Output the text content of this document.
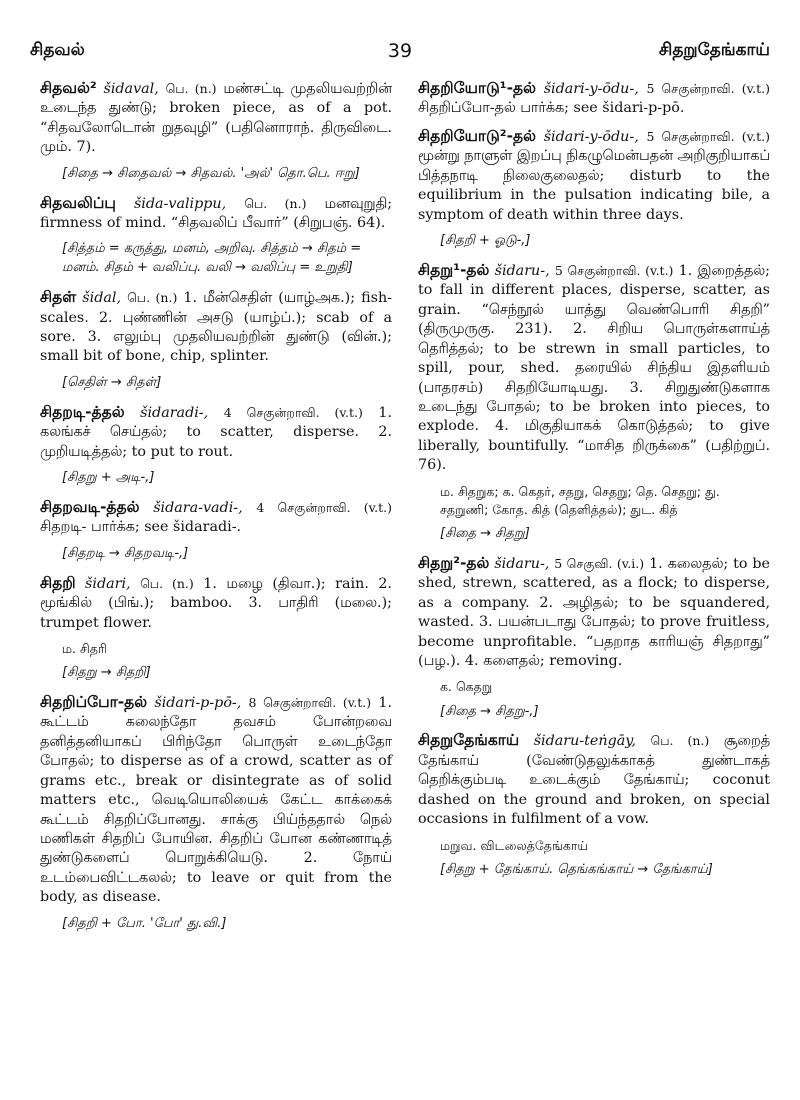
சிதவல்	39	சிதறுதேங்காய்
சிதவல்² šidaval, பெ. (n.) மண்சட்டி முதலியவற்றின் உடைந்த துண்டு; broken piece, as of a pot. “சிதவலோடொன் றுதவுழி” (பதினொராந். திருவிடை. மும். 7).
[சிதை → சிதைவல் → சிதவல். 'அல்' தொ.பெ. ஈறு]
சிதவலிப்பு šida-valippu, பெ. (n.) மனவுறுதி; firmness of mind. “சிதவலிப் பீவார்” (சிறுபஞ். 64).
[சித்தம் = கருத்து, மனம், அறிவு. சித்தம் → சிதம் = மனம். சிதம் + வலிப்பு. வலி → வலிப்பு = உறுதி]
சிதள் šidal, பெ. (n.) 1. மீன்செதிள் (யாழ்அக.); fish-scales. 2. புண்ணின் அசடு (யாழ்ப்.); scab of a sore. 3. எலும்பு முதலியவற்றின் துண்டு (வின்.); small bit of bone, chip, splinter.
[செதிள் → சிதள்]
சிதறடி-த்தல் šidaradi-, 4 செகுன்றாவி. (v.t.) 1. கலங்கச் செய்தல்; to scatter, disperse. 2. முறியடித்தல்; to put to rout.
[சிதறு + அடி-,]
சிதறவடி-த்தல் šidara-vadi-, 4 செகுன்றாவி. (v.t.) சிதறடி- பார்க்க; see šidaradi-.
[சிதறடி → சிதறவடி-,]
சிதறி šidari, பெ. (n.) 1. மழை (திவா.); rain. 2. மூங்கில் (பிங்.); bamboo. 3. பாதிரி (மலை.); trumpet flower.
ம. சிதரி
[சிதறு → சிதறி]
சிதறிப்போ-தல் šidari-p-pō-, 8 செகுன்றாவி. (v.t.) 1. கூட்டம் கலைந்தோ தவசம் போன்றவை தனித்தனியாகப் பிரிந்தோ பொருள் உடைந்தோ போதல்; to disperse as of a crowd, scatter as of grams etc., break or disintegrate as of solid matters etc., வெடியொலியைக் கேட்ட காக்கைக் கூட்டம் சிதறிப்போனது. சாக்கு பிய்ந்ததால் நெல் மணிகள் சிதறிப் போயின. சிதறிப் போன கண்ணாடித் துண்டுகளைப் பொறுக்கியெடு. 2. நோய் உடம்பைவிட்டகலல்; to leave or quit from the body, as disease.
[சிதறி + போ. 'போ' து.வி.]
சிதறியோடு¹-தல் šidari-y-ōdu-, 5 செகுன்றாவி. (v.t.) சிதறிப்போ-தல் பார்க்க; see šidari-p-pō.
சிதறியோடு²-தல் šidari-y-ōdu-, 5 செகுன்றாவி. (v.t.) மூன்று நாளுள் இறப்பு நிகழுமென்பதன் அறிகுறியாகப் பித்தநாடி நிலைகுலைதல்; disturb to the equilibrium in the pulsation indicating bile, a symptom of death within three days.
[சிதறி + ஓடு-,]
சிதறு¹-தல் šidaru-, 5 செகுன்றாவி. (v.t.) 1. இறைத்தல்; to fall in different places, disperse, scatter, as grain. “செந்நூல் யாத்து வெண்பொரி சிதறி” (திருமுருகு. 231). 2. சிறிய பொருள்களாய்த் தெரித்தல்; to be strewn in small particles, to spill, pour, shed. தரையில் சிந்திய இதளியம் (பாதரசம்) சிதறியோடியது. 3. சிறுதுண்டுகளாக உடைந்து போதல்; to be broken into pieces, to explode. 4. மிகுதியாகக் கொடுத்தல்; to give liberally, bountifully. “மாசித றிருக்கை” (பதிற்றுப். 76).
ம. சிதறுக; க. கெதர், சதறு, செதறு; தெ. செதறு; து. சதறுணி; கோத. கித் (தெளித்தல்); துட. கித்
[சிதை → சிதறு]
சிதறு²-தல் šidaru-, 5 செகுவி. (v.i.) 1. கலைதல்; to be shed, strewn, scattered, as a flock; to disperse, as a company. 2. அழிதல்; to be squandered, wasted. 3. பயன்படாது போதல்; to prove fruitless, become unprofitable. “பதறாத காரியஞ் சிதறாது” (பழ.). 4. களைதல்; removing.
க. கெதறு
[சிதை → சிதறு-,]
சிதறுதேங்காய் šidaru-teṅgāy, பெ. (n.) சூறைத் தேங்காய் (வேண்டுதலுக்காகத் துண்டாகத் தெறிக்கும்படி உடைக்கும் தேங்காய்; coconut dashed on the ground and broken, on special occasions in fulfilment of a vow.
மறுவ. விடலைத்தேங்காய்
[சிதறு + தேங்காய். தெங்கங்காய் → தேங்காய்]
